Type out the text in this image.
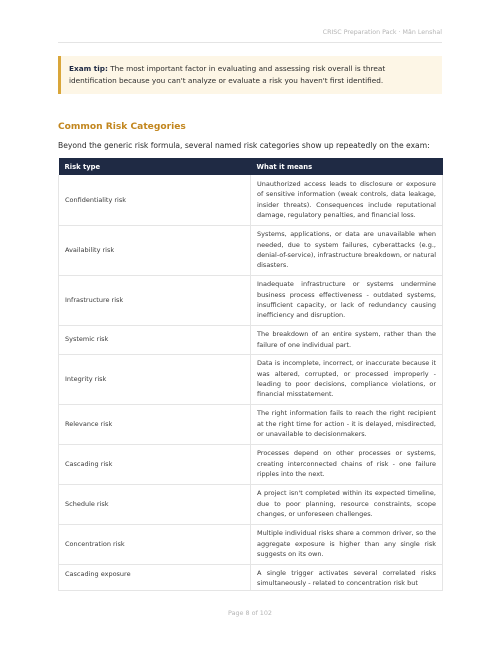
CRISC Preparation Pack · Mân Lenshal
Exam tip: The most important factor in evaluating and assessing risk overall is threat identification because you can't analyze or evaluate a risk you haven't first identified.
Common Risk Categories
Beyond the generic risk formula, several named risk categories show up repeatedly on the exam:
Risk type	What it means
Confidentiality risk	Unauthorized access leads to disclosure or exposure of sensitive information (weak controls, data leakage, insider threats). Consequences include reputational damage, regulatory penalties, and financial loss.
Availability risk	Systems, applications, or data are unavailable when needed, due to system failures, cyberattacks (e.g., denial-of-service), infrastructure breakdown, or natural disasters.
Infrastructure risk	Inadequate infrastructure or systems undermine business process effectiveness - outdated systems, insufficient capacity, or lack of redundancy causing inefficiency and disruption.
Systemic risk	The breakdown of an entire system, rather than the failure of one individual part.
Integrity risk	Data is incomplete, incorrect, or inaccurate because it was altered, corrupted, or processed improperly - leading to poor decisions, compliance violations, or financial misstatement.
Relevance risk	The right information fails to reach the right recipient at the right time for action - it is delayed, misdirected, or unavailable to decisionmakers.
Cascading risk	Processes depend on other processes or systems, creating interconnected chains of risk - one failure ripples into the next.
Schedule risk	A project isn't completed within its expected timeline, due to poor planning, resource constraints, scope changes, or unforeseen challenges.
Concentration risk	Multiple individual risks share a common driver, so the aggregate exposure is higher than any single risk suggests on its own.

Cascading exposure	A single trigger activates several correlated risks simultaneously - related to concentration risk but
Page 8 of 102
